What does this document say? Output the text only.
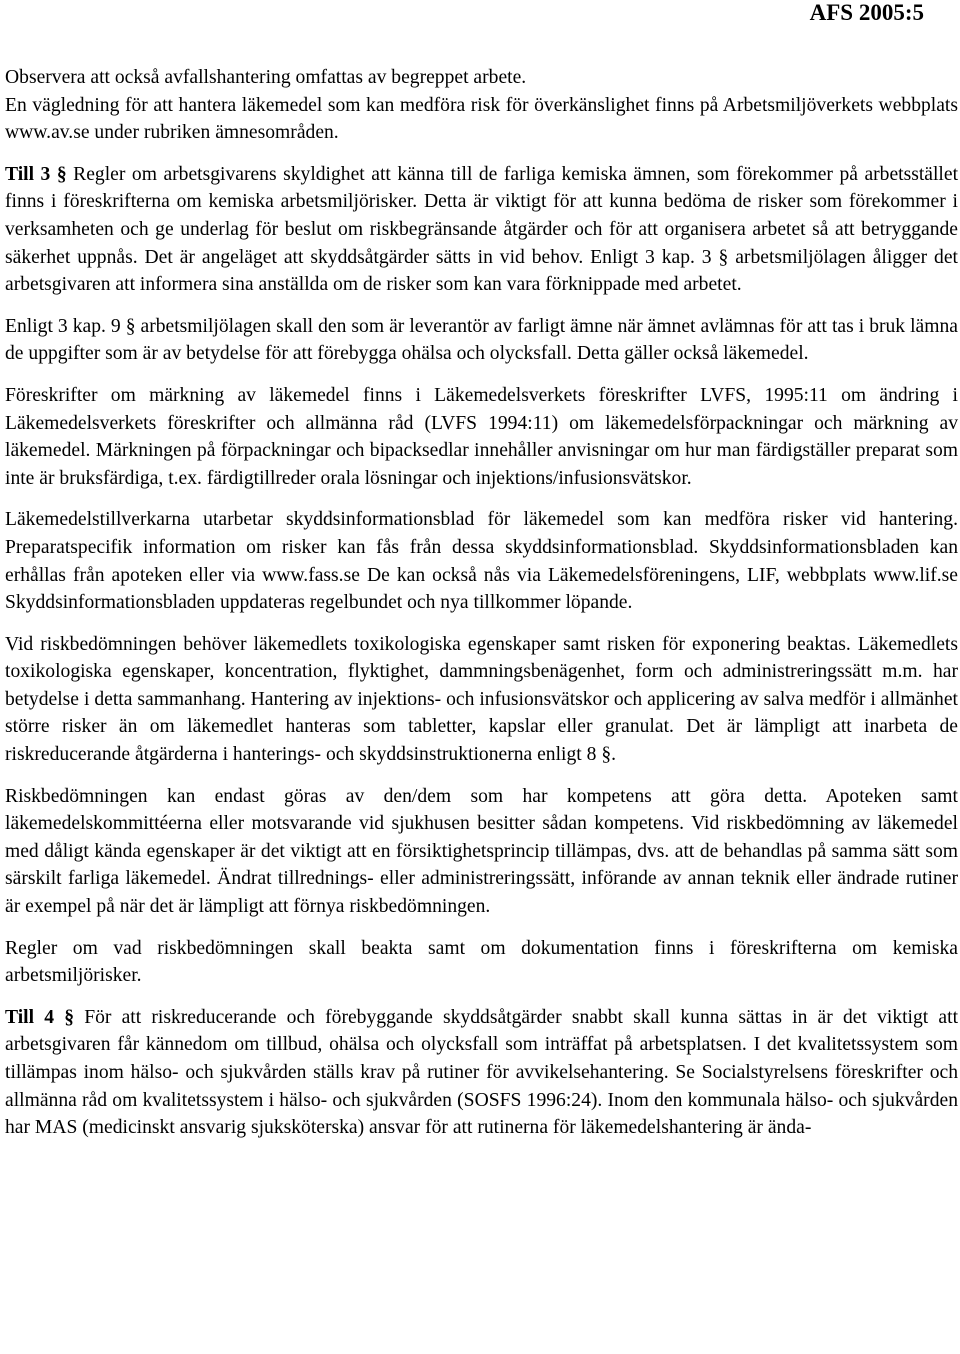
AFS 2005:5

Observera att också avfallshantering omfattas av begreppet arbete.

En vägledning för att hantera läkemedel som kan medföra risk för överkänslighet finns på Arbetsmiljöverkets webbplats www.av.se under rubriken ämnesområden.

Till 3 § Regler om arbetsgivarens skyldighet att känna till de farliga kemiska ämnen, som förekommer på arbetsstället finns i föreskrifterna om kemiska arbetsmiljörisker. Detta är viktigt för att kunna bedöma de risker som förekommer i verksamheten och ge underlag för beslut om riskbegränsande åtgärder och för att organisera arbetet så att betryggande säkerhet uppnås. Det är angeläget att skyddsåtgärder sätts in vid behov. Enligt 3 kap. 3 § arbetsmiljölagen åligger det arbetsgivaren att informera sina anställda om de risker som kan vara förknippade med arbetet.

Enligt 3 kap. 9 § arbetsmiljölagen skall den som är leverantör av farligt ämne när ämnet avlämnas för att tas i bruk lämna de uppgifter som är av betydelse för att förebygga ohälsa och olycksfall. Detta gäller också läkemedel.

Föreskrifter om märkning av läkemedel finns i Läkemedelsverkets föreskrifter LVFS, 1995:11 om ändring i Läkemedelsverkets föreskrifter och allmänna råd (LVFS 1994:11) om läkemedelsförpackningar och märkning av läkemedel. Märkningen på förpackningar och bipacksedlar innehåller anvisningar om hur man färdigställer preparat som inte är bruksfärdiga, t.ex. färdigtillreder orala lösningar och injektions/infusionsvätskor.

Läkemedelstillverkarna utarbetar skyddsinformationsblad för läkemedel som kan medföra risker vid hantering. Preparatspecifik information om risker kan fås från dessa skyddsinformationsblad. Skyddsinformationsbladen kan erhållas från apoteken eller via www.fass.se De kan också nås via Läkemedelsföreningens, LIF, webbplats www.lif.se Skyddsinformationsbladen uppdateras regelbundet och nya tillkommer löpande.

Vid riskbedömningen behöver läkemedlets toxikologiska egenskaper samt risken för exponering beaktas. Läkemedlets toxikologiska egenskaper, koncentration, flyktighet, dammningsbenägenhet, form och administreringssätt m.m. har betydelse i detta sammanhang. Hantering av injektions- och infusionsvätskor och applicering av salva medför i allmänhet större risker än om läkemedlet hanteras som tabletter, kapslar eller granulat. Det är lämpligt att inarbeta de riskreducerande åtgärderna i hanterings- och skyddsinstruktionerna enligt 8 §.

Riskbedömningen kan endast göras av den/dem som har kompetens att göra detta. Apoteken samt läkemedelskommittéerna eller motsvarande vid sjukhusen besitter sådan kompetens. Vid riskbedömning av läkemedel med dåligt kända egenskaper är det viktigt att en försiktighetsprincip tillämpas, dvs. att de behandlas på samma sätt som särskilt farliga läkemedel. Ändrat tillrednings- eller administreringssätt, införande av annan teknik eller ändrade rutiner är exempel på när det är lämpligt att förnya riskbedömningen.

Regler om vad riskbedömningen skall beakta samt om dokumentation finns i föreskrifterna om kemiska arbetsmiljörisker.

Till 4 § För att riskreducerande och förebyggande skyddsåtgärder snabbt skall kunna sättas in är det viktigt att arbetsgivaren får kännedom om tillbud, ohälsa och olycksfall som inträffat på arbetsplatsen. I det kvalitetssystem som tillämpas inom hälso- och sjukvården ställs krav på rutiner för avvikelsehantering. Se Socialstyrelsens föreskrifter och allmänna råd om kvalitetssystem i hälso- och sjukvården (SOSFS 1996:24). Inom den kommunala hälso- och sjukvården har MAS (medicinskt ansvarig sjuksköterska) ansvar för att rutinerna för läkemedelshantering är ända-
